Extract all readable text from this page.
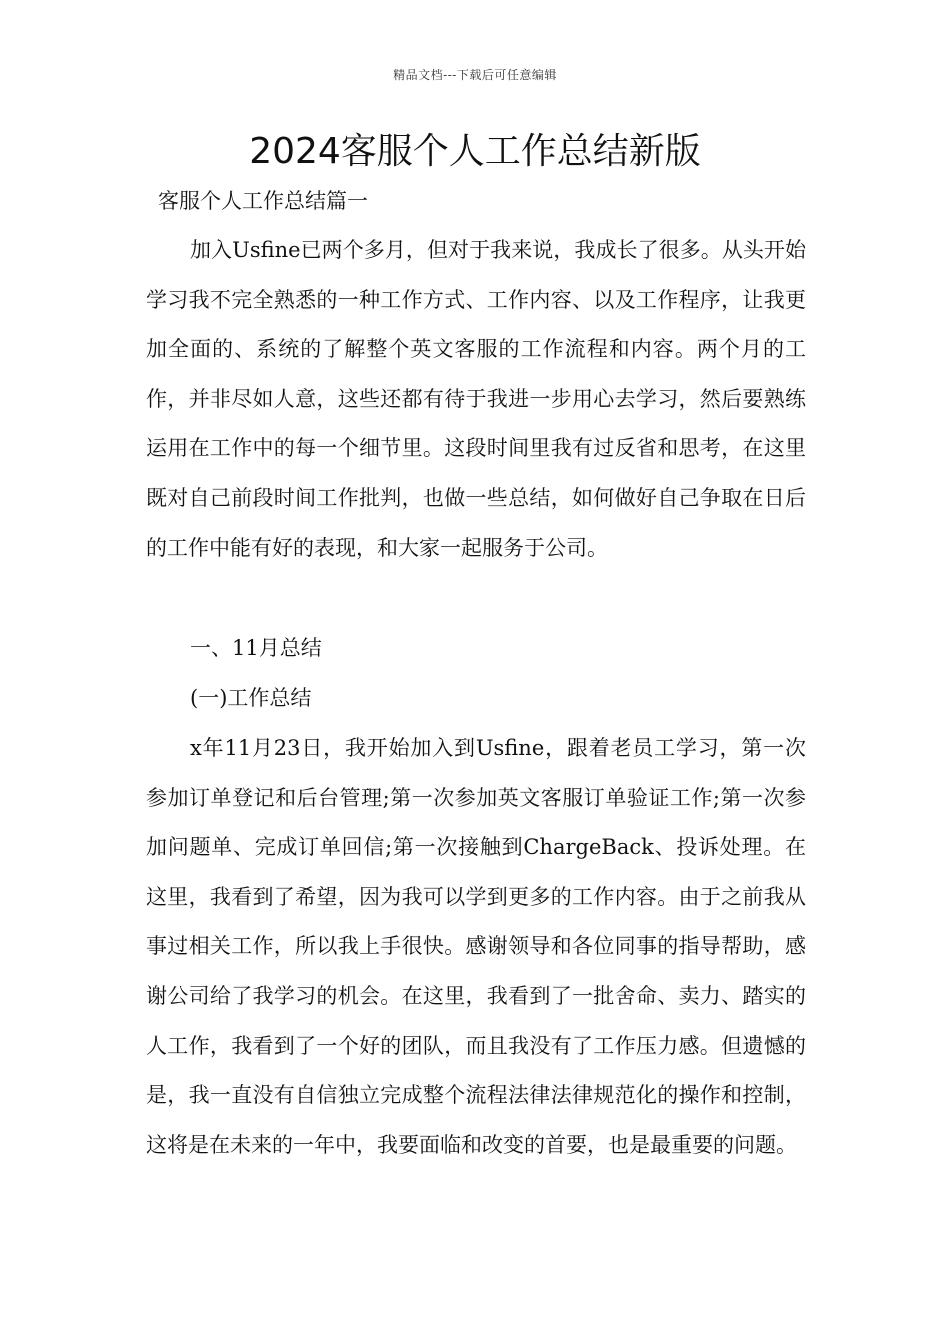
精品文档---下载后可任意编辑
2024客服个人工作总结新版
客服个人工作总结篇一

加入Usfine已两个多月，但对于我来说，我成长了很多。从头开始学习我不完全熟悉的一种工作方式、工作内容、以及工作程序，让我更加全面的、系统的了解整个英文客服的工作流程和内容。两个月的工作，并非尽如人意，这些还都有待于我进一步用心去学习，然后要熟练运用在工作中的每一个细节里。这段时间里我有过反省和思考，在这里既对自己前段时间工作批判，也做一些总结，如何做好自己争取在日后的工作中能有好的表现，和大家一起服务于公司。

一、11月总结

(一)工作总结

x年11月23日，我开始加入到Usfine，跟着老员工学习，第一次参加订单登记和后台管理;第一次参加英文客服订单验证工作;第一次参加问题单、完成订单回信;第一次接触到ChargeBack、投诉处理。在这里，我看到了希望，因为我可以学到更多的工作内容。由于之前我从事过相关工作，所以我上手很快。感谢领导和各位同事的指导帮助，感谢公司给了我学习的机会。在这里，我看到了一批舍命、卖力、踏实的人工作，我看到了一个好的团队，而且我没有了工作压力感。但遗憾的是，我一直没有自信独立完成整个流程法律法律规范化的操作和控制，这将是在未来的一年中，我要面临和改变的首要，也是最重要的问题。
